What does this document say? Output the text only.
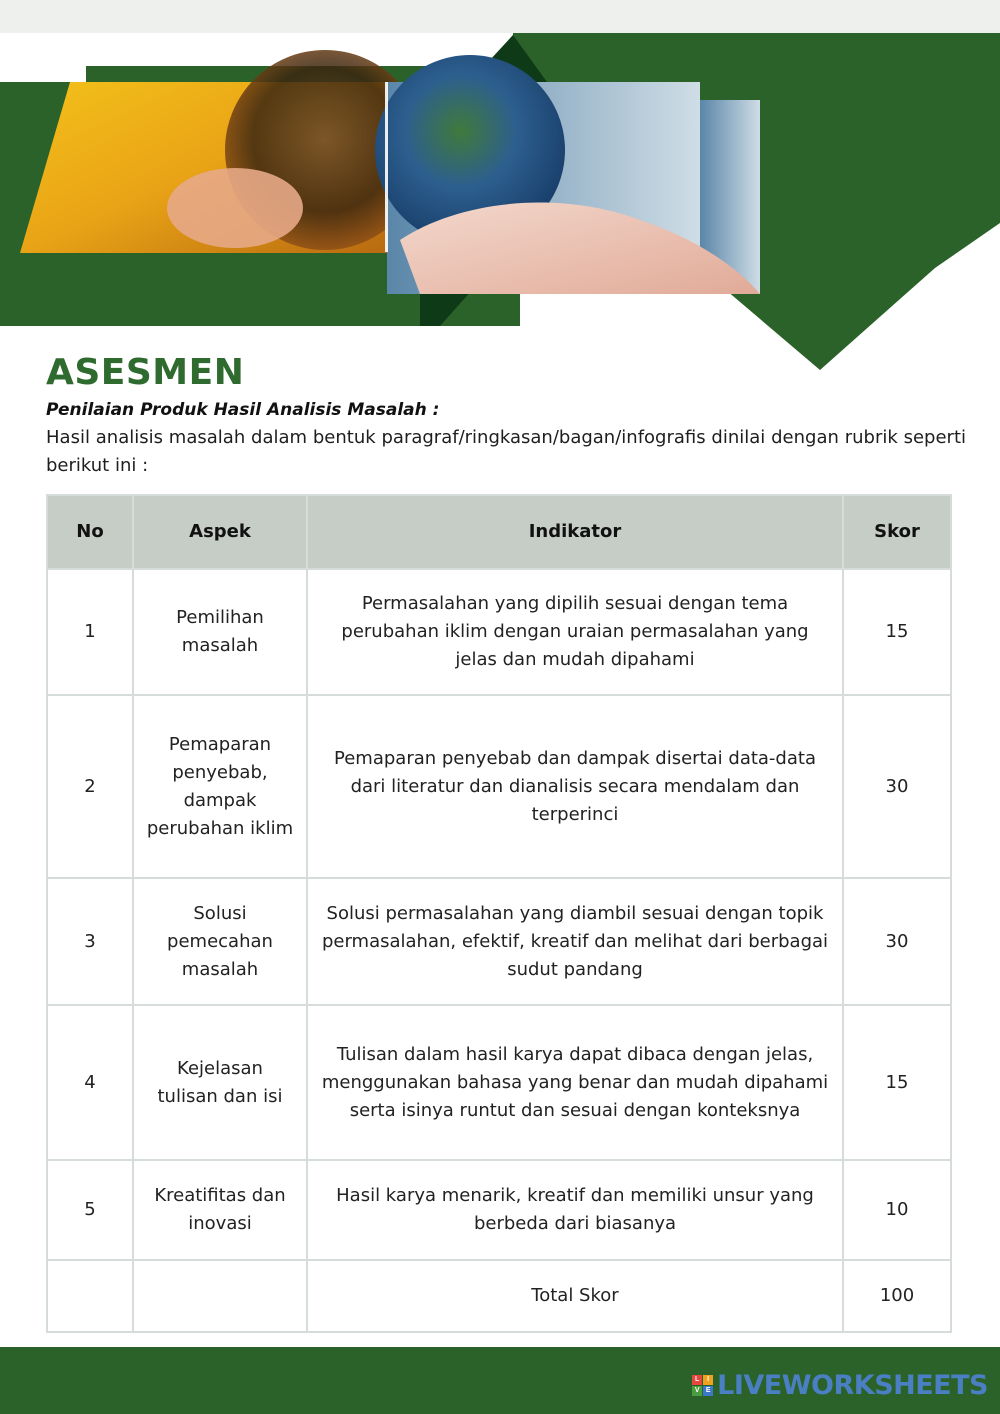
ASESMEN
Penilaian Produk Hasil Analisis Masalah :
Hasil analisis masalah dalam bentuk paragraf/ringkasan/bagan/infografis dinilai dengan rubrik seperti berikut ini :
No	Aspek	Indikator	Skor
1	Pemilihan masalah	Permasalahan yang dipilih sesuai dengan tema perubahan iklim dengan uraian permasalahan yang jelas dan mudah dipahami	15
2	Pemaparan penyebab, dampak perubahan iklim	Pemaparan penyebab dan dampak disertai data-data dari literatur dan dianalisis secara mendalam dan terperinci	30
3	Solusi pemecahan masalah	Solusi permasalahan yang diambil sesuai dengan topik permasalahan, efektif, kreatif dan melihat dari berbagai sudut pandang	30
4	Kejelasan tulisan dan isi	Tulisan dalam hasil karya dapat dibaca dengan jelas, menggunakan bahasa yang benar dan mudah dipahami serta isinya runtut dan sesuai dengan konteksnya	15
5	Kreatifitas dan inovasi	Hasil karya menarik, kreatif dan memiliki unsur yang berbeda dari biasanya	10
		Total Skor	100
L	I
V E LIVEWORKSHEETS
